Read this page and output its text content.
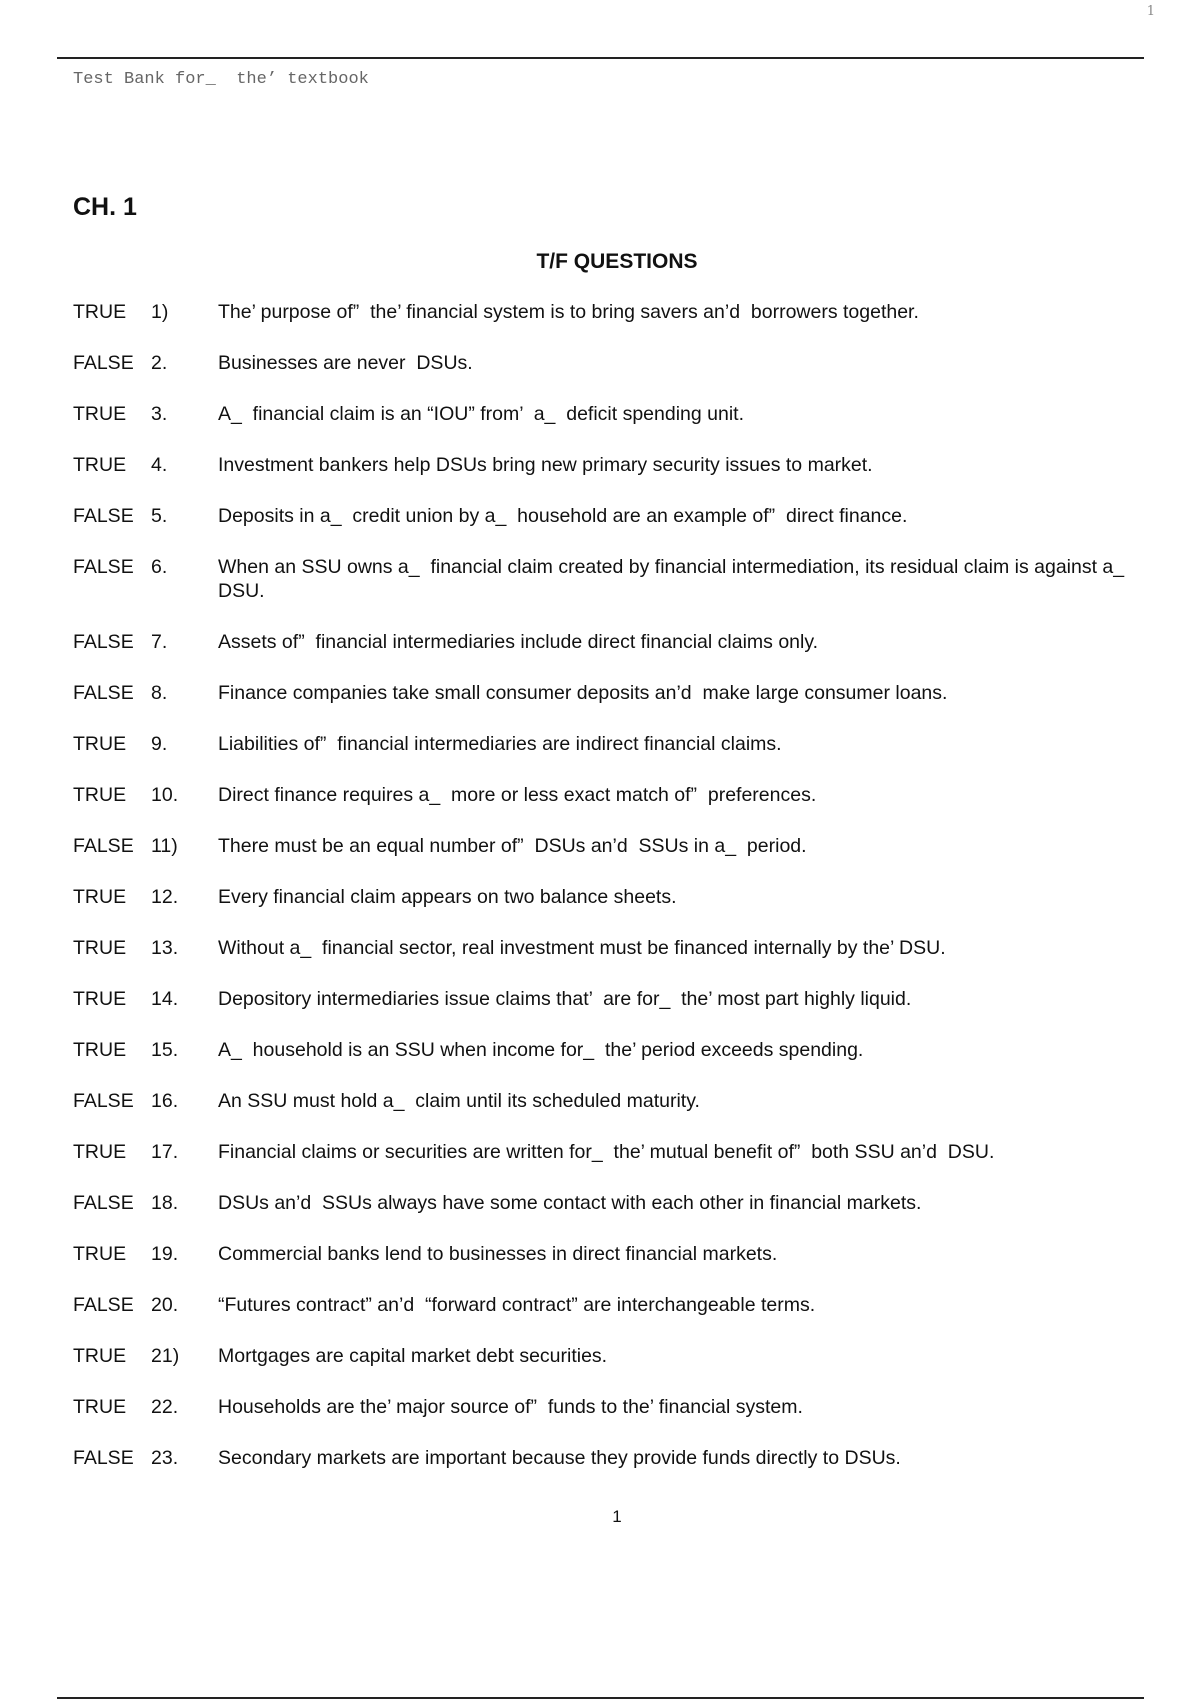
1
Test Bank for_  the’ textbook
CH. 1
T/F QUESTIONS
TRUE	1)	The’ purpose of”  the’ financial system is to bring savers an’d  borrowers together.
FALSE 2.	Businesses are never  DSUs.
TRUE	3.	A_  financial claim is an “IOU” from’  a_  deficit spending unit.
TRUE	4.	Investment bankers help DSUs bring new primary security issues to market.
FALSE 5.	Deposits in a_  credit union by a_  household are an example of”  direct finance.
FALSE 6.	When an SSU owns a_  financial claim created by financial intermediation, its residual claim is against a_  DSU.
FALSE 7.	Assets of”  financial intermediaries include direct financial claims only.
FALSE 8.	Finance companies take small consumer deposits an’d  make large consumer loans.
TRUE	9.	Liabilities of”  financial intermediaries are indirect financial claims.
TRUE	10.	Direct finance requires a_  more or less exact match of”  preferences.
FALSE 11)	There must be an equal number of”  DSUs an’d  SSUs in a_  period.
TRUE	12.	Every financial claim appears on two balance sheets.
TRUE	13.	Without a_  financial sector, real investment must be financed internally by the’ DSU.
TRUE	14.	Depository intermediaries issue claims that’  are for_  the’ most part highly liquid.
TRUE	15.	A_  household is an SSU when income for_  the’ period exceeds spending.
FALSE 16.	An SSU must hold a_  claim until its scheduled maturity.
TRUE	17.	Financial claims or securities are written for_  the’ mutual benefit of”  both SSU an’d  DSU.
FALSE 18.	DSUs an’d  SSUs always have some contact with each other in financial markets.
TRUE	19.	Commercial banks lend to businesses in direct financial markets.
FALSE 20.	“Futures contract” an’d  “forward contract” are interchangeable terms.
TRUE	21)	Mortgages are capital market debt securities.
TRUE	22.	Households are the’ major source of”  funds to the’ financial system.
FALSE 23.	Secondary markets are important because they provide funds directly to DSUs.
1
